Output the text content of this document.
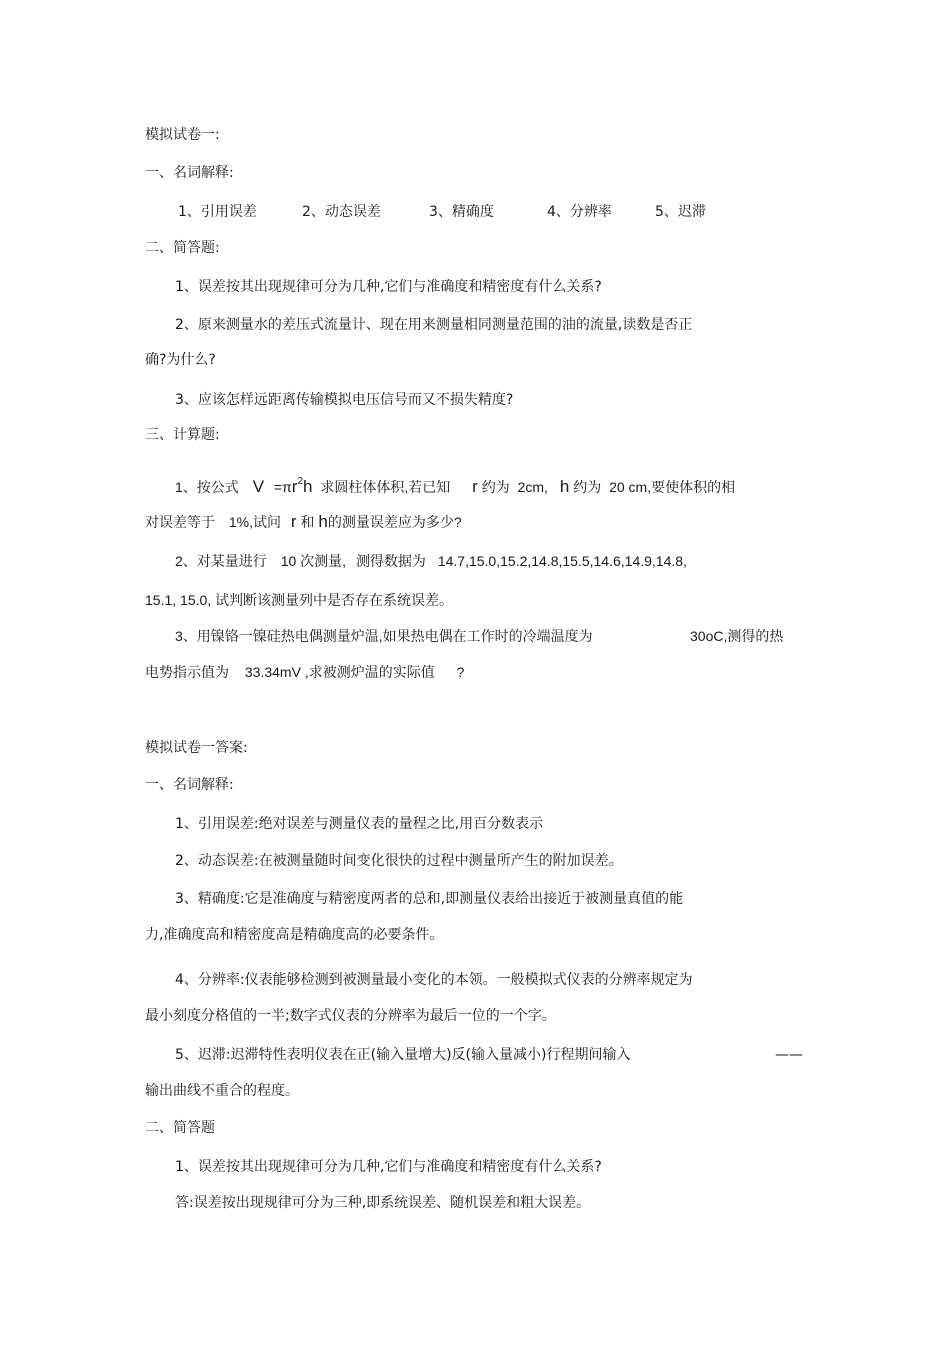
模拟试卷一:
一、名词解释:
1、引用误差	2、动态误差	3、精确度	4、分辨率	5、迟滞
二、简答题:
1、误差按其出现规律可分为几种,它们与准确度和精密度有什么关系?
2、原来测量水的差压式流量计、现在用来测量相同测量范围的油的流量,读数是否正
确?为什么?
3、应该怎样远距离传输模拟电压信号而又不损失精度?
三、计算题:
1、按公式 $V =\pi r^2h$ 求圆柱体体积,若已知 r 约为 2cm, h 约为 20 cm,要使体积的相
对误差等于 1%,试问 r 和 h的测量误差应为多少?
2、对某量进行 10 次测量, 测得数据为 14.7,15.0,15.2,14.8,15.5,14.6,14.9,14.8,
15.1, 15.0, 试判断该测量列中是否存在系统误差。
3、用镍铬一镍硅热电偶测量炉温,如果热电偶在工作时的冷端温度为	30oC,测得的热
电势指示值为 33.34mV ,求被测炉温的实际值 ?
模拟试卷一答案:
一、名词解释:
1、引用误差:绝对误差与测量仪表的量程之比,用百分数表示
2、动态误差:在被测量随时间变化很快的过程中测量所产生的附加误差。
3、精确度:它是准确度与精密度两者的总和,即测量仪表给出接近于被测量真值的能
力,准确度高和精密度高是精确度高的必要条件。
4、分辨率:仪表能够检测到被测量最小变化的本领。一般模拟式仪表的分辨率规定为
最小刻度分格值的一半;数字式仪表的分辨率为最后一位的一个字。
5、迟滞:迟滞特性表明仪表在正(输入量增大)反(输入量减小)行程期间输入	——
输出曲线不重合的程度。
二、简答题
1、误差按其出现规律可分为几种,它们与准确度和精密度有什么关系?
答:误差按出现规律可分为三种,即系统误差、随机误差和粗大误差。
